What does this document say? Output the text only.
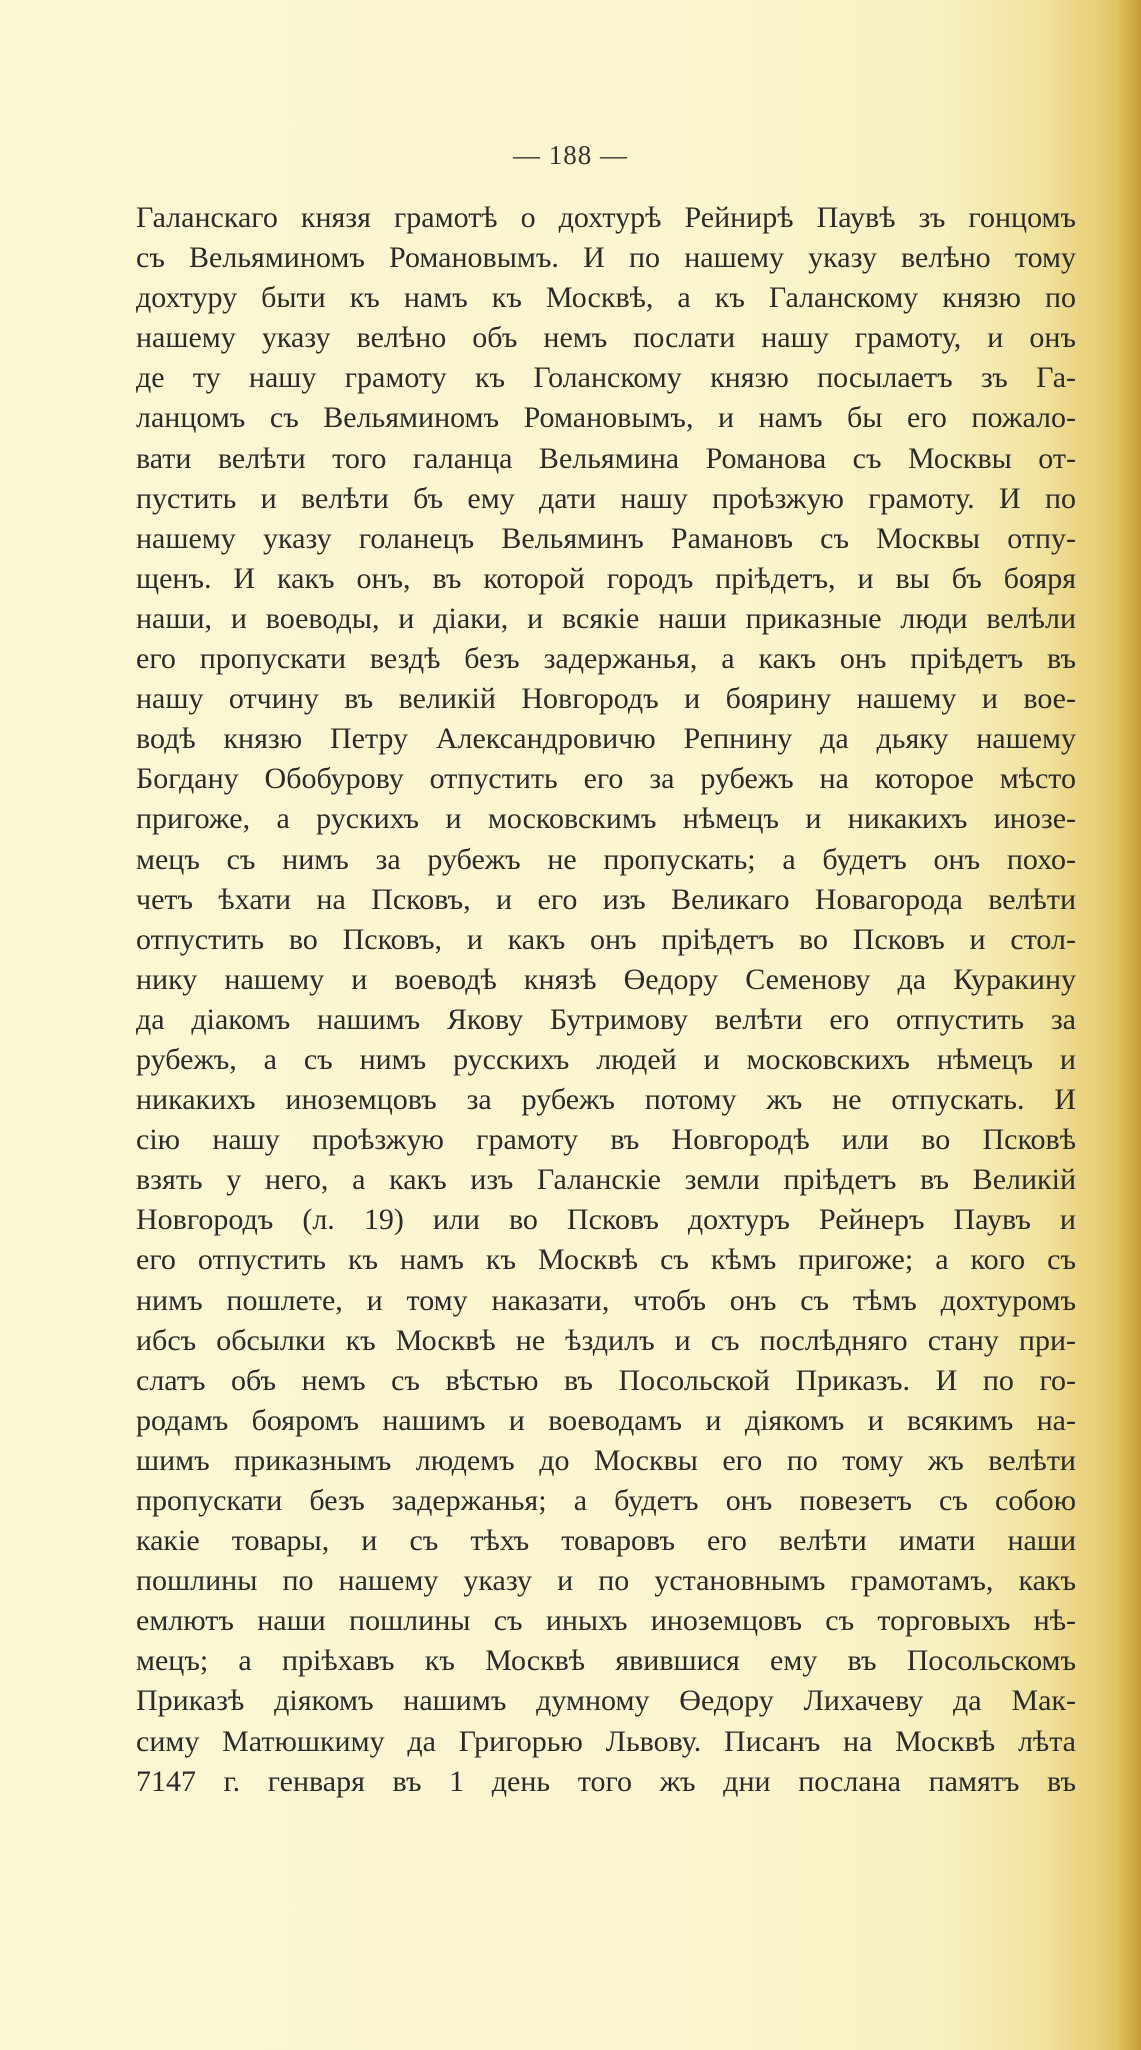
— 188 —
Галанскаго князя грамотѣ о дохтурѣ Рейнирѣ Паувѣ зъ гонцомъ
съ Вельяминомъ Романовымъ. И по нашему указу велѣно тому
дохтуру быти къ намъ къ Москвѣ, а къ Галанскому князю по
нашему указу велѣно объ немъ послати нашу грамоту, и онъ
де ту нашу грамоту къ Голанскому князю посылаетъ зъ Га-
ланцомъ съ Вельяминомъ Романовымъ, и намъ бы его пожало-
вати велѣти того галанца Вельямина Романова съ Москвы от-
пустить и велѣти бъ ему дати нашу проѣзжую грамоту. И по
нашему указу голанецъ Вельяминъ Рамановъ съ Москвы отпу-
щенъ. И какъ онъ, въ которой городъ пріѣдетъ, и вы бъ бояря
наши, и воеводы, и діаки, и всякіе наши приказные люди велѣли
его пропускати вездѣ безъ задержанья, а какъ онъ пріѣдетъ въ
нашу отчину въ великій Новгородъ и боярину нашему и вое-
водѣ князю Петру Александровичю Репнину да дьяку нашему
Богдану Обобурову отпустить его за рубежъ на которое мѣсто
пригоже, а рускихъ и московскимъ нѣмецъ и никакихъ инозе-
мецъ съ нимъ за рубежъ не пропускать; а будетъ онъ похо-
четъ ѣхати на Псковъ, и его изъ Великаго Новагорода велѣти
отпустить во Псковъ, и какъ онъ пріѣдетъ во Псковъ и стол-
нику нашему и воеводѣ князѣ Өедору Семенову да Куракину
да діакомъ нашимъ Якову Бутримову велѣти его отпустить за
рубежъ, а съ нимъ русскихъ людей и московскихъ нѣмецъ и
никакихъ иноземцовъ за рубежъ потому жъ не отпускать. И
сію нашу проѣзжую грамоту въ Новгородѣ или во Псковѣ
взять у него, а какъ изъ Галанскіе земли пріѣдетъ въ Великій
Новгородъ (л. 19) или во Псковъ дохтуръ Рейнеръ Паувъ и
его отпустить къ намъ къ Москвѣ съ кѣмъ пригоже; а кого съ
нимъ пошлете, и тому наказати, чтобъ онъ съ тѣмъ дохтуромъ
ибсъ обсылки къ Москвѣ не ѣздилъ и съ послѣдняго стану при-
слатъ объ немъ съ вѣстью въ Посольской Приказъ. И по го-
родамъ бояромъ нашимъ и воеводамъ и діякомъ и всякимъ на-
шимъ приказнымъ людемъ до Москвы его по тому жъ велѣти
пропускати безъ задержанья; а будетъ онъ повезетъ съ собою
какіе товары, и съ тѣхъ товаровъ его велѣти имати наши
пошлины по нашему указу и по установнымъ грамотамъ, какъ
емлютъ наши пошлины съ иныхъ иноземцовъ съ торговыхъ нѣ-
мецъ; а пріѣхавъ къ Москвѣ явившися ему въ Посольскомъ
Приказѣ діякомъ нашимъ думному Өедору Лихачеву да Мак-
симу Матюшкиму да Григорью Львову. Писанъ на Москвѣ лѣта
7147 г. генваря въ 1 день того жъ дни послана памятъ въ
